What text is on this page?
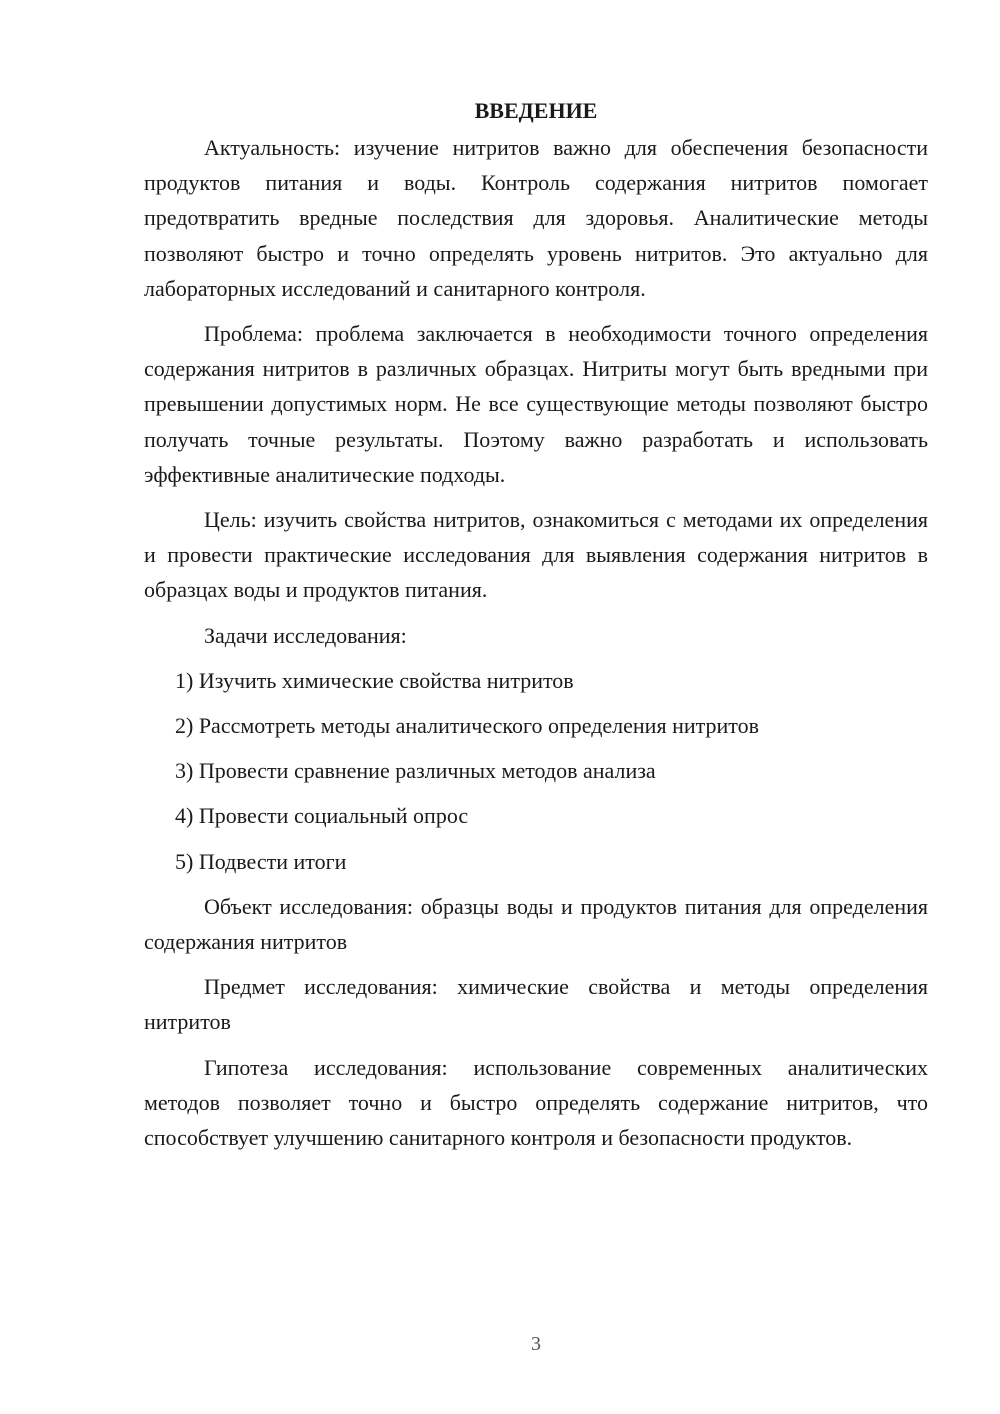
ВВЕДЕНИЕ

Актуальность: изучение нитритов важно для обеспечения безопасности продуктов питания и воды. Контроль содержания нитритов помогает предотвратить вредные последствия для здоровья. Аналитические методы позволяют быстро и точно определять уровень нитритов. Это актуально для лабораторных исследований и санитарного контроля.

Проблема: проблема заключается в необходимости точного определения содержания нитритов в различных образцах. Нитриты могут быть вредными при превышении допустимых норм. Не все существующие методы позволяют быстро получать точные результаты. Поэтому важно разработать и использовать эффективные аналитические подходы.

Цель: изучить свойства нитритов, ознакомиться с методами их определения и провести практические исследования для выявления содержания нитритов в образцах воды и продуктов питания.

Задачи исследования:

1) Изучить химические свойства нитритов
2) Рассмотреть методы аналитического определения нитритов
3) Провести сравнение различных методов анализа
4) Провести социальный опрос
5) Подвести итоги

Объект исследования: образцы воды и продуктов питания для определения содержания нитритов

Предмет исследования: химические свойства и методы определения нитритов

Гипотеза исследования: использование современных аналитических методов позволяет точно и быстро определять содержание нитритов, что способствует улучшению санитарного контроля и безопасности продуктов.

3
